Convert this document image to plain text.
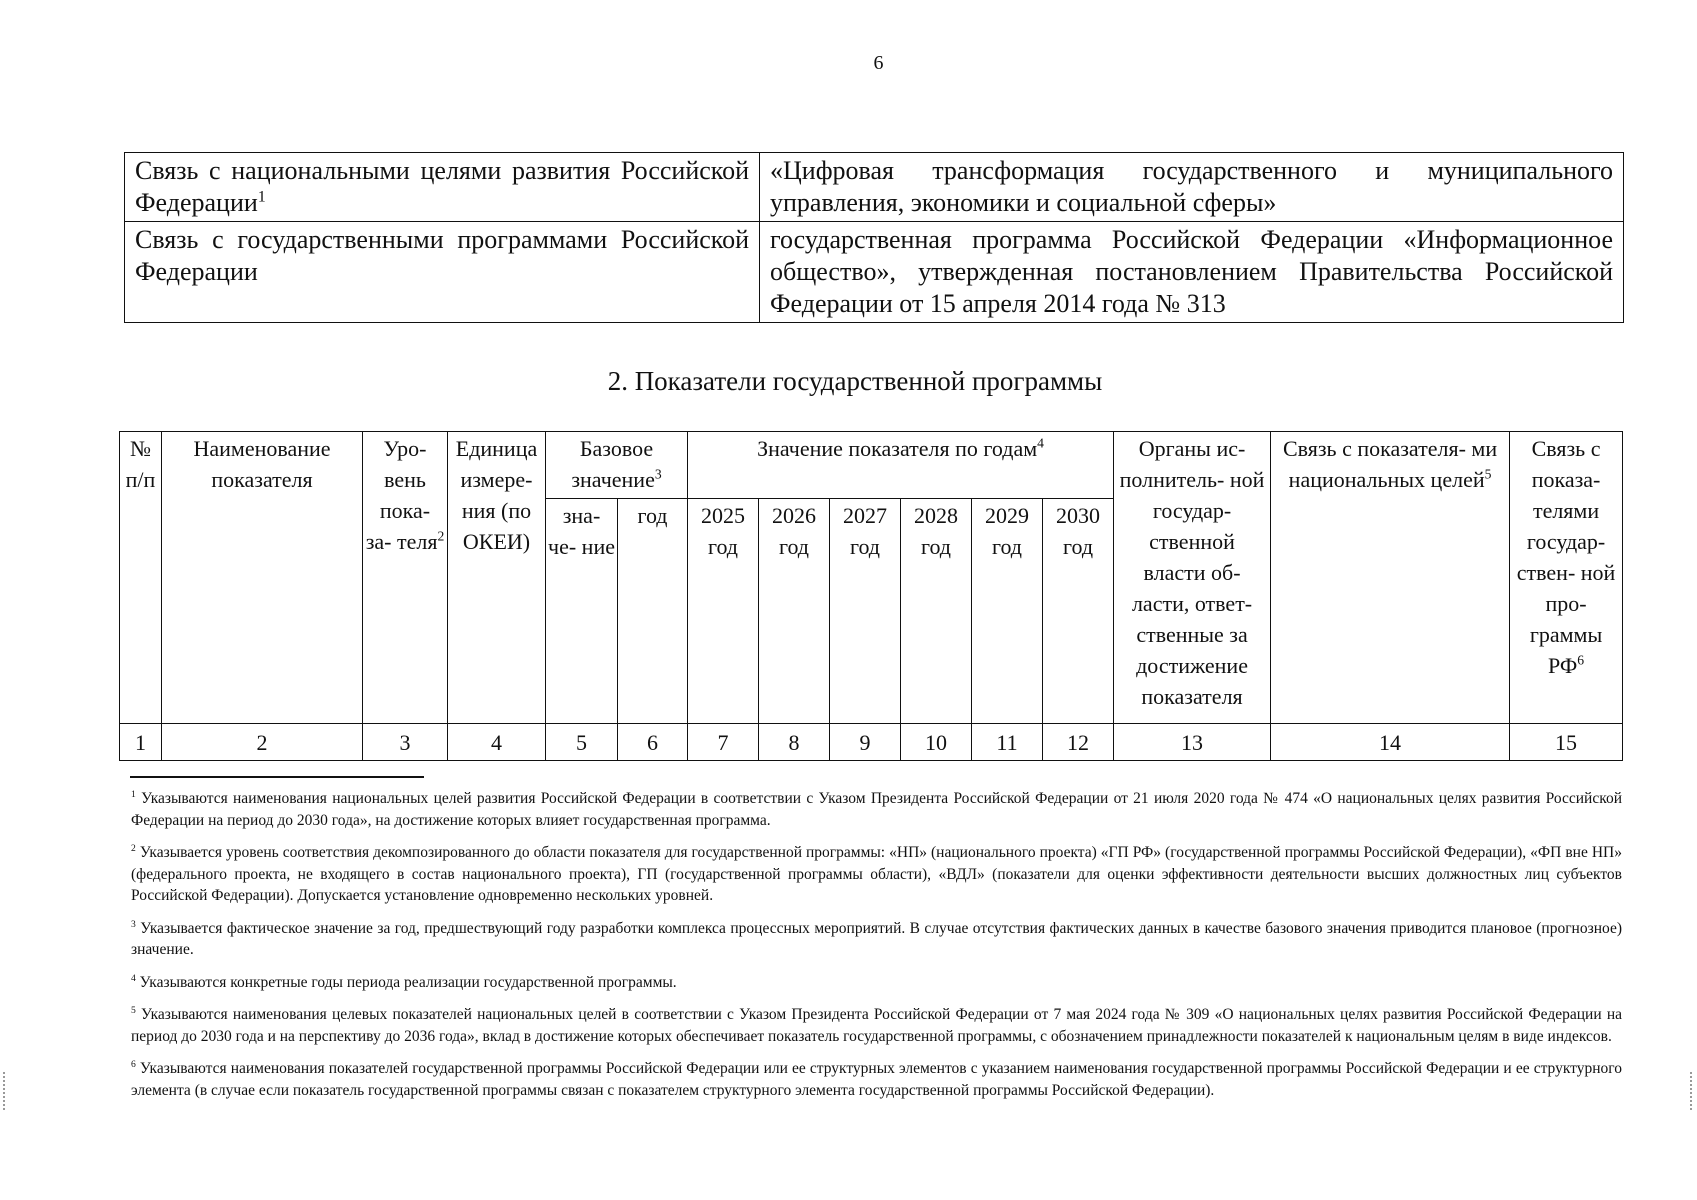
6
Связь с национальными целями развития Российской Федерации$^1$	«Цифровая трансформация государственного и муниципального управления, экономики и социальной сферы»
Связь с государственными программами Российской Федерации	государственная программа Российской Федерации «Информационное общество», утвержденная постановлением Правительства Российской Федерации от 15 апреля 2014 года № 313
2. Показатели государственной программы
№ п/п	Наименование показателя	Уро- вень пока- за- теля$^2$	Единица измере- ния (по ОКЕИ)	Базовое значение$^3$		Значение показателя по годам$^4$						Органы ис- полнитель- ной государ- ственной власти об- ласти, ответ- ственные за достижение показателя	Связь с показателя- ми национальных целей$^5$	Связь с показа- телями государ- ствен- ной про- граммы $РФ^6$
				зна- че- ние	год	2025 год	2026 год	2027 год	2028 год	2029 год	2030 год			
1	2	3	4	5	6	7	8	9	10	11	12	13	14	15

$^1$ Указываются наименования национальных целей развития Российской Федерации в соответствии с Указом Президента Российской Федерации от 21 июля 2020 года № 474 «О национальных целях развития Российской Федерации на период до 2030 года», на достижение которых влияет государственная программа.

$^2$ Указывается уровень соответствия декомпозированного до области показателя для государственной программы: «НП» (национального проекта) «ГП РФ» (государственной программы Российской Федерации), «ФП вне НП» (федерального проекта, не входящего в состав национального проекта), ГП (государственной программы области), «ВДЛ» (показатели для оценки эффективности деятельности высших должностных лиц субъектов Российской Федерации). Допускается установление одновременно нескольких уровней.

$^3$ Указывается фактическое значение за год, предшествующий году разработки комплекса процессных мероприятий. В случае отсутствия фактических данных в качестве базового значения приводится плановое (прогнозное) значение.

$^4$ Указываются конкретные годы периода реализации государственной программы.

$^5$ Указываются наименования целевых показателей национальных целей в соответствии с Указом Президента Российской Федерации от 7 мая 2024 года № 309 «О национальных целях развития Российской Федерации на период до 2030 года и на перспективу до 2036 года», вклад в достижение которых обеспечивает показатель государственной программы, с обозначением принадлежности показателей к национальным целям в виде индексов.

$^6$ Указываются наименования показателей государственной программы Российской Федерации или ее структурных элементов с указанием наименования государственной программы Российской Федерации и ее структурного элемента (в случае если показатель государственной программы связан с показателем структурного элемента государственной программы Российской Федерации).
